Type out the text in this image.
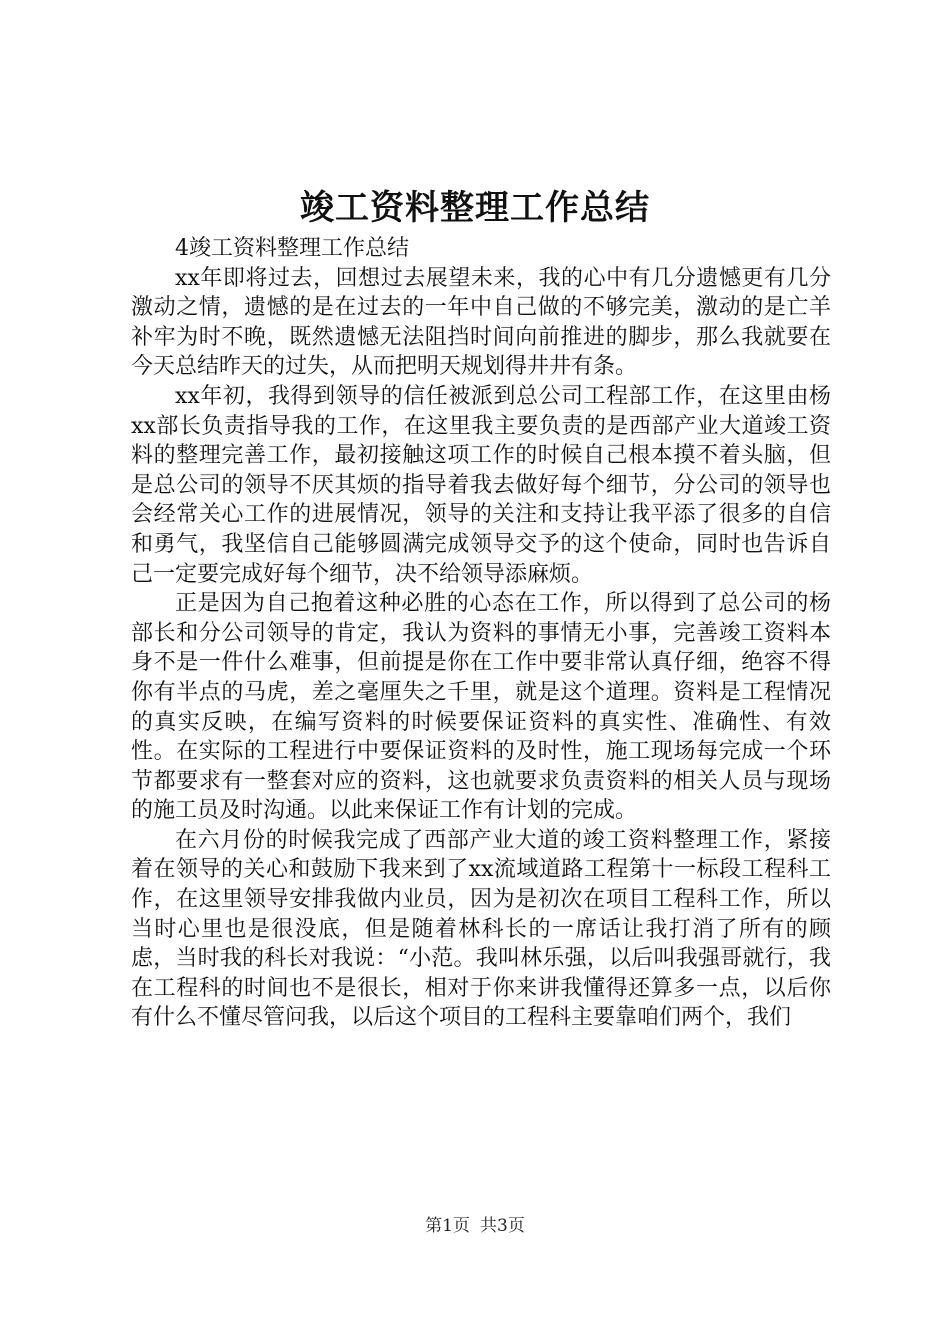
竣工资料整理工作总结

4竣工资料整理工作总结

xx年即将过去，回想过去展望未来，我的心中有几分遗憾更有几分激动之情，遗憾的是在过去的一年中自己做的不够完美，激动的是亡羊补牢为时不晚，既然遗憾无法阻挡时间向前推进的脚步，那么我就要在今天总结昨天的过失，从而把明天规划得井井有条。

xx年初，我得到领导的信任被派到总公司工程部工作，在这里由杨xx部长负责指导我的工作，在这里我主要负责的是西部产业大道竣工资料的整理完善工作，最初接触这项工作的时候自己根本摸不着头脑，但是总公司的领导不厌其烦的指导着我去做好每个细节，分公司的领导也会经常关心工作的进展情况，领导的关注和支持让我平添了很多的自信和勇气，我坚信自己能够圆满完成领导交予的这个使命，同时也告诉自己一定要完成好每个细节，决不给领导添麻烦。

正是因为自己抱着这种必胜的心态在工作，所以得到了总公司的杨部长和分公司领导的肯定，我认为资料的事情无小事，完善竣工资料本身不是一件什么难事，但前提是你在工作中要非常认真仔细，绝容不得你有半点的马虎，差之毫厘失之千里，就是这个道理。资料是工程情况的真实反映，在编写资料的时候要保证资料的真实性、准确性、有效性。在实际的工程进行中要保证资料的及时性，施工现场每完成一个环节都要求有一整套对应的资料，这也就要求负责资料的相关人员与现场的施工员及时沟通。以此来保证工作有计划的完成。

在六月份的时候我完成了西部产业大道的竣工资料整理工作，紧接着在领导的关心和鼓励下我来到了xx流域道路工程第十一标段工程科工作，在这里领导安排我做内业员，因为是初次在项目工程科工作，所以当时心里也是很没底，但是随着林科长的一席话让我打消了所有的顾虑，当时我的科长对我说：“小范。我叫林乐强，以后叫我强哥就行，我在工程科的时间也不是很长，相对于你来讲我懂得还算多一点，以后你有什么不懂尽管问我，以后这个项目的工程科主要靠咱们两个，我们

第1页 共3页
